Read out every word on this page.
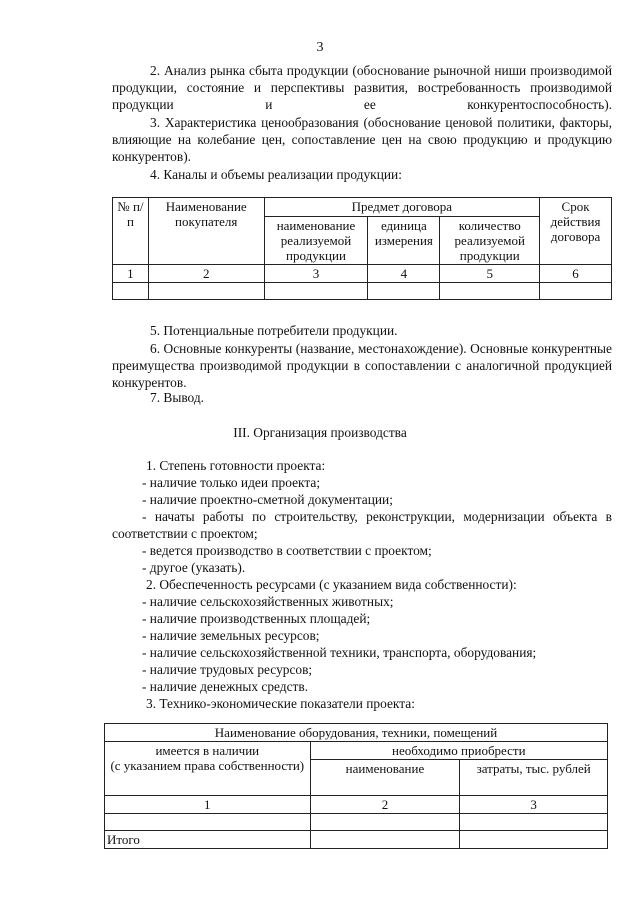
3
2. Анализ рынка сбыта продукции (обоснование рыночной ниши производимой продукции, состояние и перспективы развития, востребованность производимой продукции и ее конкурентоспособность).
3. Характеристика ценообразования (обоснование ценовой политики, факторы, влияющие на колебание цен, сопоставление цен на свою продукцию и продукцию конкурентов).
4. Каналы и объемы реализации продукции:
№ п/п	Наименование покупателя	Предмет договора			Срок действия договора
		наименование реализуемой продукции	единица измерения	количество реализуемой продукции	
1	2	3	4	5	6

5. Потенциальные потребители продукции.
6. Основные конкуренты (название, местонахождение). Основные конкурентные преимущества производимой продукции в сопоставлении с аналогичной продукцией конкурентов.
7. Вывод.
III. Организация производства
1. Степень готовности проекта:
- наличие только идеи проекта;
- наличие проектно-сметной документации;
- начаты работы по строительству, реконструкции, модернизации объекта в соответствии с проектом;
- ведется производство в соответствии с проектом;
- другое (указать).
2. Обеспеченность ресурсами (с указанием вида собственности):
- наличие сельскохозяйственных животных;
- наличие производственных площадей;
- наличие земельных ресурсов;
- наличие сельскохозяйственной техники, транспорта, оборудования;
- наличие трудовых ресурсов;
- наличие денежных средств.
3. Технико-экономические показатели проекта:
Наименование оборудования, техники, помещений		
имеется в наличии
(с указанием права собственности)	необходимо приобрести	
	наименование	затраты, тыс. рублей
1	2	3

Итого		
